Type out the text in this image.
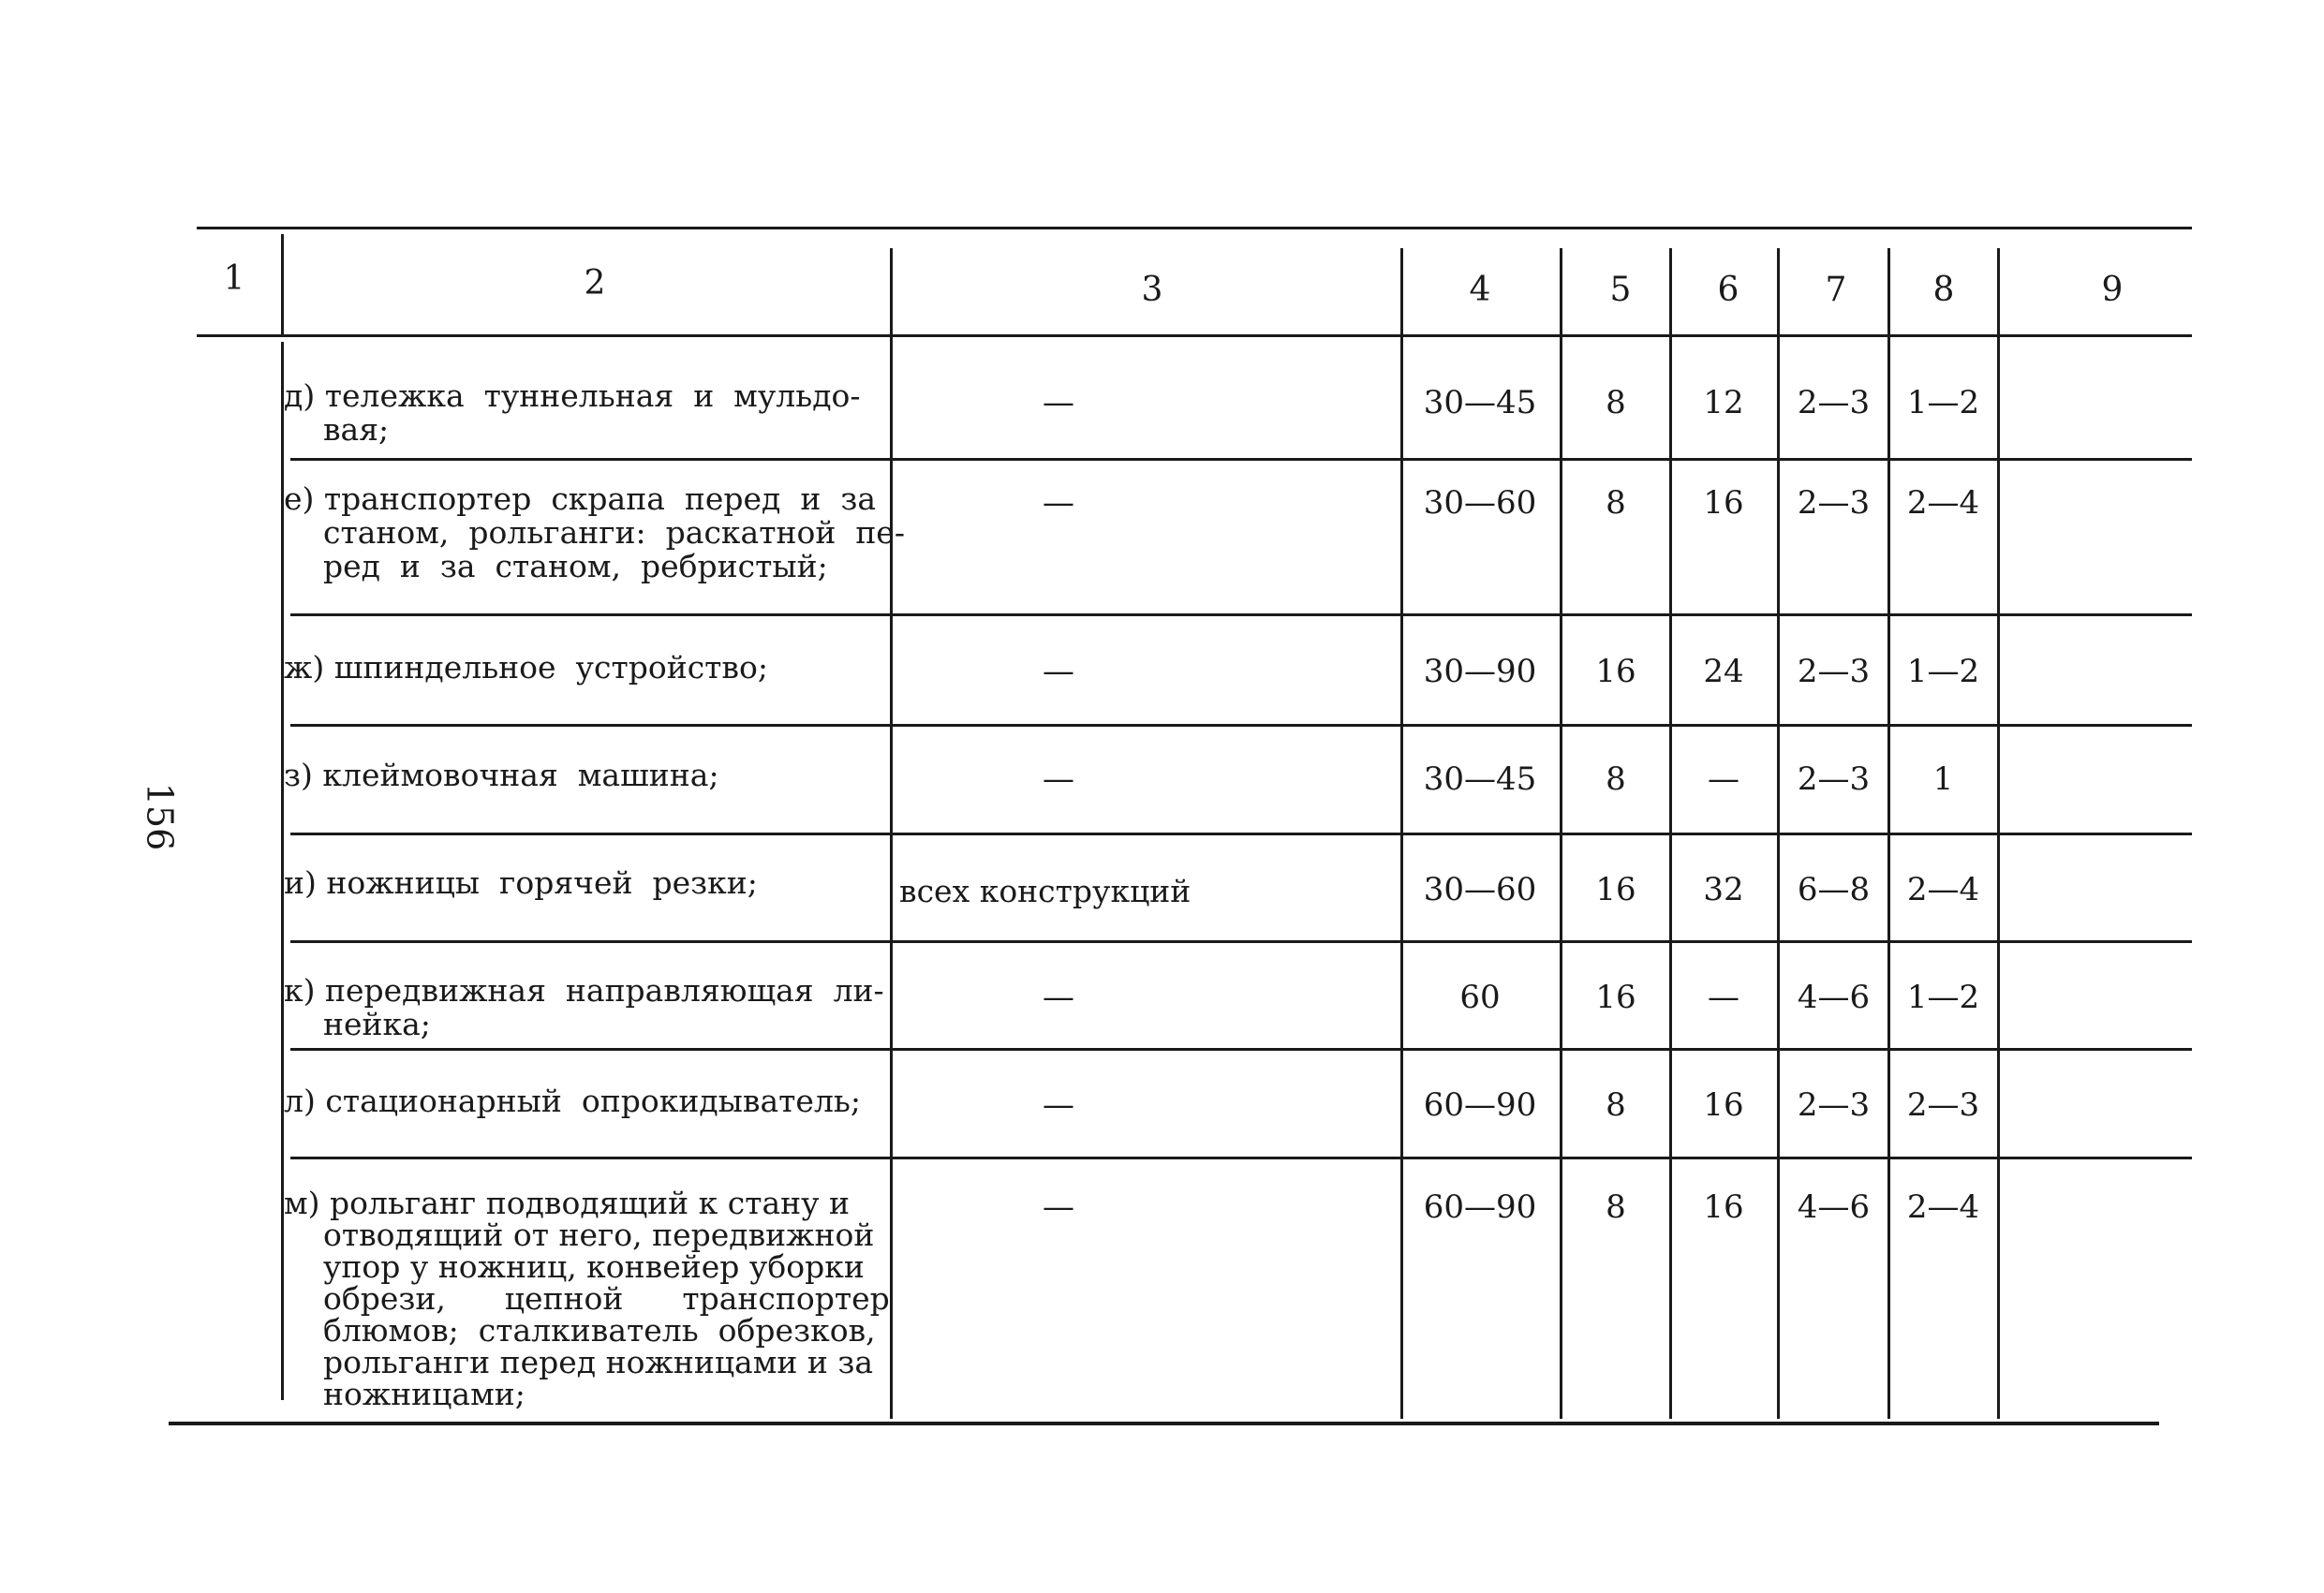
156
1	2	3	4	5	6	7	8	9
д) тележка  туннельная  и  мульдо-
вая;
—	30—45	8	12	2—3	1—2
е) транспортер  скрапа  перед  и  за
станом,  рольганги:  раскатной  пе-
ред  и  за  станом,  ребристый;
—	30—60	8	16	2—3	2—4
ж) шпиндельное  устройство;	—	30—90	16	24	2—3	1—2
з) клеймовочная  машина;	—	30—45	8	—	2—3	1
и) ножницы  горячей  резки;	всех конструкций	30—60	16	32	6—8	2—4
к) передвижная  направляющая  ли-
нейка;
—	60	16	—	4—6	1—2
л) стационарный  опрокидыватель;	—	60—90	8	16	2—3	2—3
м) рольганг подводящий к стану и
отводящий от него, передвижной
упор у ножниц, конвейер уборки
обрези,      цепной      транспортер
блюмов;  сталкиватель  обрезков,
рольганги перед ножницами и за
ножницами;
—	60—90	8	16	4—6	2—4
